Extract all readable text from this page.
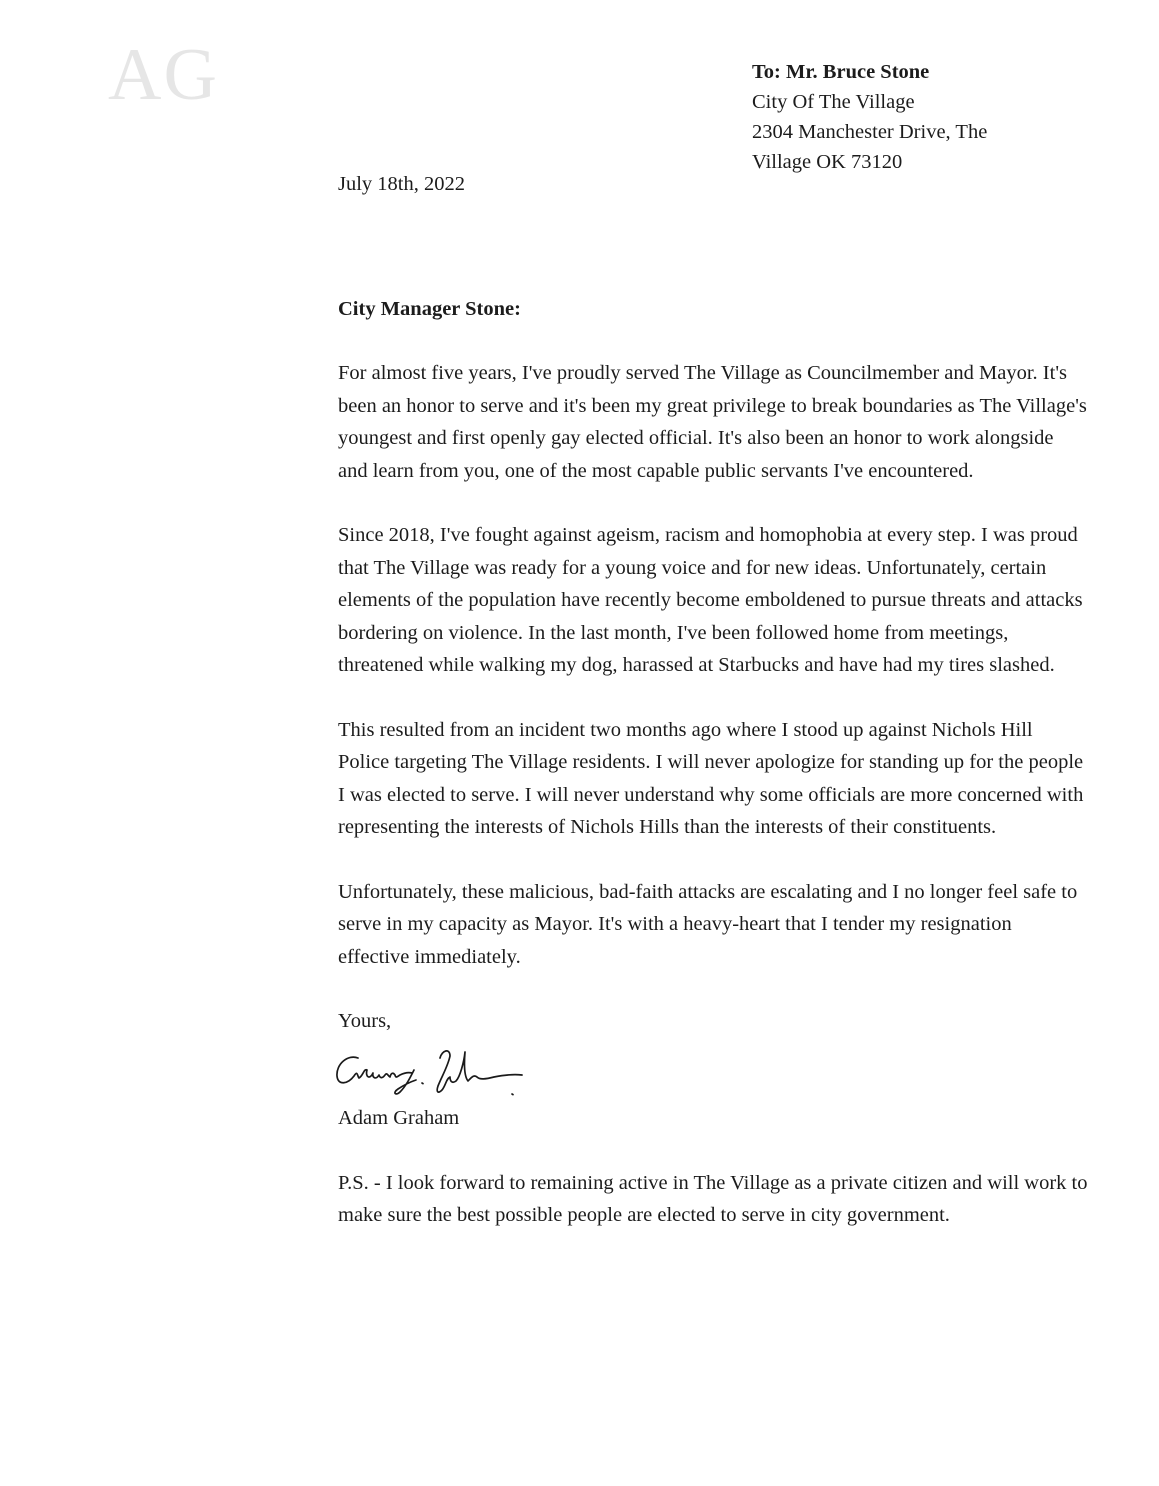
AG	To: Mr. Bruce Stone
City Of The Village
2304 Manchester Drive, The
Village OK 73120
July 18th, 2022

City Manager Stone:

For almost five years, I've proudly served The Village as Councilmember and Mayor. It's been an honor to serve and it's been my great privilege to break boundaries as The Village's youngest and first openly gay elected official. It's also been an honor to work alongside and learn from you, one of the most capable public servants I've encountered.

Since 2018, I've fought against ageism, racism and homophobia at every step. I was proud that The Village was ready for a young voice and for new ideas. Unfortunately, certain elements of the population have recently become emboldened to pursue threats and attacks bordering on violence. In the last month, I've been followed home from meetings, threatened while walking my dog, harassed at Starbucks and have had my tires slashed.

This resulted from an incident two months ago where I stood up against Nichols Hill Police targeting The Village residents. I will never apologize for standing up for the people I was elected to serve. I will never understand why some officials are more concerned with representing the interests of Nichols Hills than the interests of their constituents.

Unfortunately, these malicious, bad-faith attacks are escalating and I no longer feel safe to serve in my capacity as Mayor. It's with a heavy-heart that I tender my resignation effective immediately.

Yours,

Adam Graham

P.S. - I look forward to remaining active in The Village as a private citizen and will work to make sure the best possible people are elected to serve in city government.
